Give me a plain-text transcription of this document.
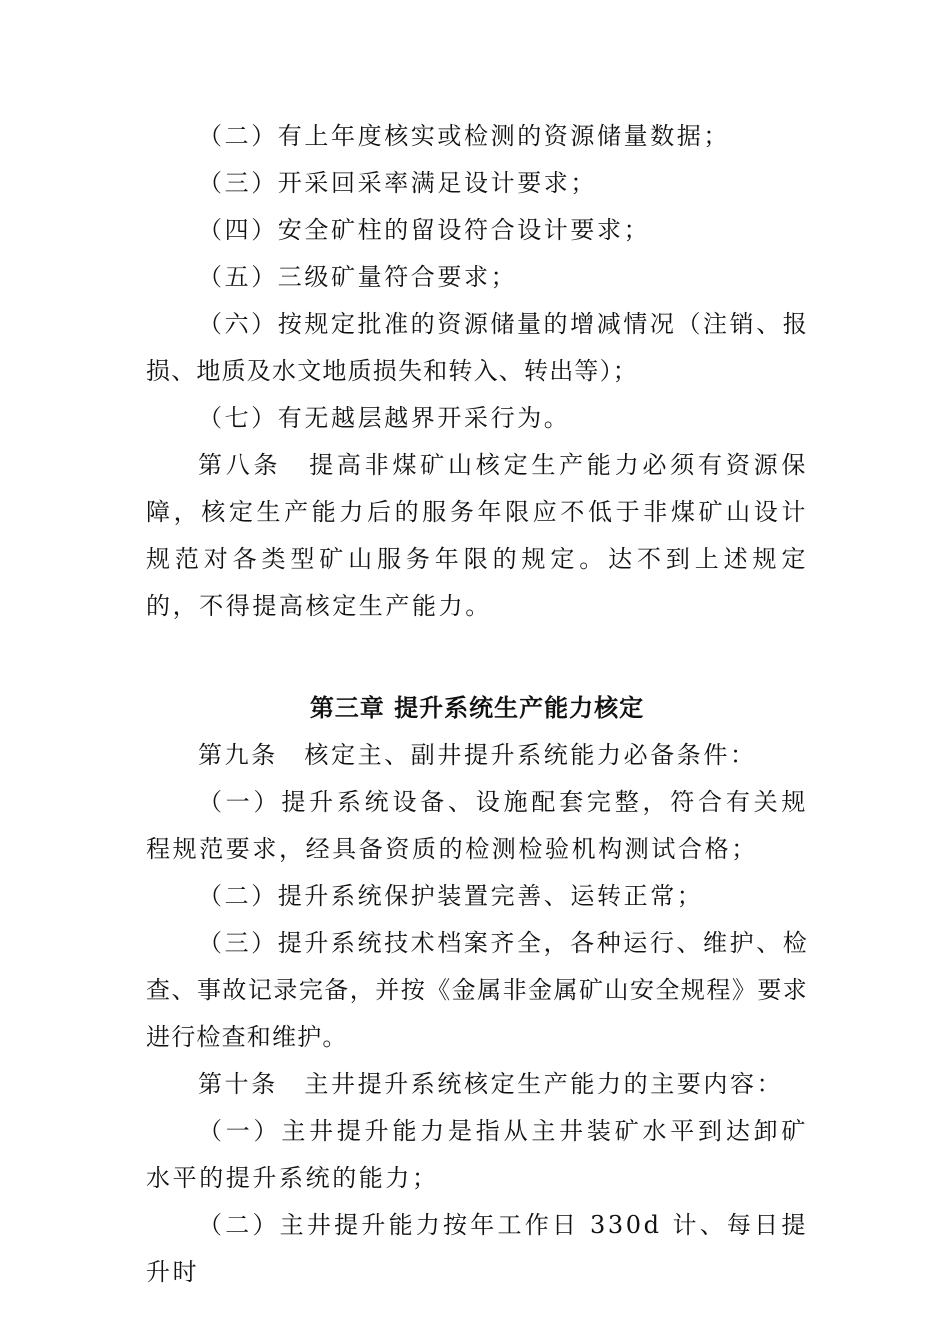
（二）有上年度核实或检测的资源储量数据；

（三）开采回采率满足设计要求；

（四）安全矿柱的留设符合设计要求；

（五）三级矿量符合要求；

（六）按规定批准的资源储量的增减情况（注销、报损、地质及水文地质损失和转入、转出等）；

（七）有无越层越界开采行为。

第八条　提高非煤矿山核定生产能力必须有资源保障，核定生产能力后的服务年限应不低于非煤矿山设计规范对各类型矿山服务年限的规定。达不到上述规定的，不得提高核定生产能力。

第三章 提升系统生产能力核定

第九条　核定主、副井提升系统能力必备条件：

（一）提升系统设备、设施配套完整，符合有关规程规范要求，经具备资质的检测检验机构测试合格；

（二）提升系统保护装置完善、运转正常；

（三）提升系统技术档案齐全，各种运行、维护、检查、事故记录完备，并按《金属非金属矿山安全规程》要求进行检查和维护。

第十条　主井提升系统核定生产能力的主要内容：

（一）主井提升能力是指从主井装矿水平到达卸矿水平的提升系统的能力；

（二）主井提升能力按年工作日 330d 计、每日提升时
